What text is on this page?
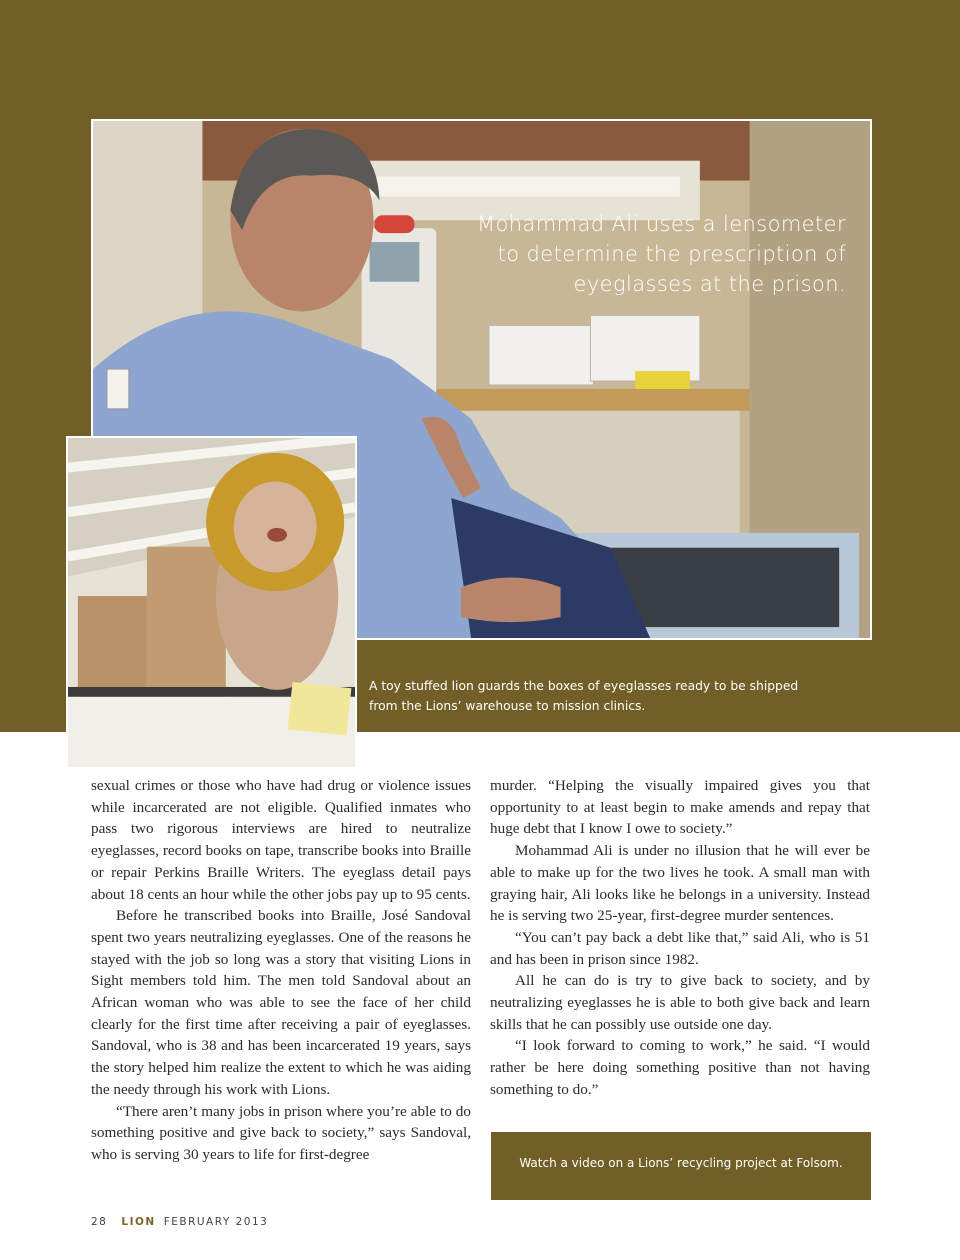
Mohammad Ali uses a lensometer to determine the prescription of eyeglasses at the prison.
A toy stuffed lion guards the boxes of eyeglasses ready to be shipped from the Lions’ warehouse to mission clinics.

sexual crimes or those who have had drug or violence issues while incarcerated are not eligible. Qualified inmates who pass two rigorous interviews are hired to neutralize eyeglasses, record books on tape, transcribe books into Braille or repair Perkins Braille Writers. The eyeglass detail pays about 18 cents an hour while the other jobs pay up to 95 cents.

Before he transcribed books into Braille, José Sandoval spent two years neutralizing eyeglasses. One of the reasons he stayed with the job so long was a story that visiting Lions in Sight members told him. The men told Sandoval about an African woman who was able to see the face of her child clearly for the first time after receiving a pair of eyeglasses. Sandoval, who is 38 and has been incarcerated 19 years, says the story helped him realize the extent to which he was aiding the needy through his work with Lions.

“There aren’t many jobs in prison where you’re able to do something positive and give back to society,” says Sandoval, who is serving 30 years to life for first-degree

murder. “Helping the visually impaired gives you that opportunity to at least begin to make amends and repay that huge debt that I know I owe to society.”

Mohammad Ali is under no illusion that he will ever be able to make up for the two lives he took. A small man with graying hair, Ali looks like he belongs in a university. Instead he is serving two 25-year, first-degree murder sentences.

“You can’t pay back a debt like that,” said Ali, who is 51 and has been in prison since 1982.

All he can do is try to give back to society, and by neutralizing eyeglasses he is able to both give back and learn skills that he can possibly use outside one day.

“I look forward to coming to work,” he said. “I would rather be here doing something positive than not having something to do.”

Watch a video on a Lions’ recycling project at Folsom.
28 LION FEBRUARY 2013
